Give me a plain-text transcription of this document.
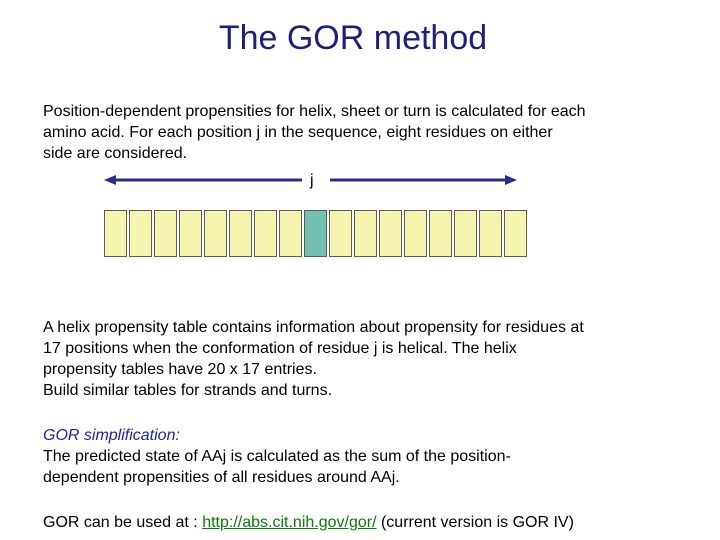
The GOR method
Position-dependent propensities for helix, sheet or turn is calculated for each
amino acid. For each position j in the sequence, eight residues on either
side are considered.
j
A helix propensity table contains information about propensity for residues at
17 positions when the conformation of residue j is helical. The helix
propensity tables have 20 x 17 entries.
Build similar tables for strands and turns.
GOR simplification:
The predicted state of AAj is calculated as the sum of the position-
dependent propensities of all residues around AAj.
GOR can be used at : http://abs.cit.nih.gov/gor/ (current version is GOR IV)
